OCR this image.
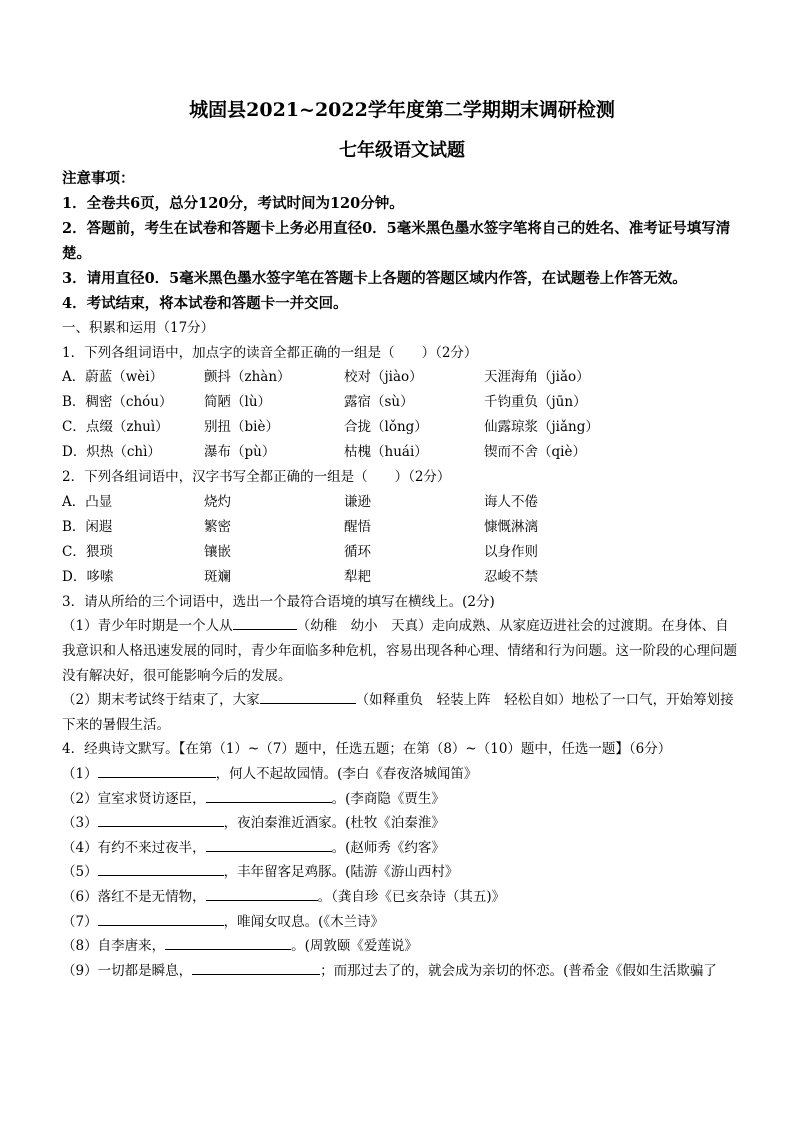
城固县2021~2022学年度第二学期期末调研检测
七年级语文试题
注意事项：
1．全卷共6页，总分120分，考试时间为120分钟。
2．答题前，考生在试卷和答题卡上务必用直径0．5毫米黑色墨水签字笔将自己的姓名、准考证号填写清楚。
3．请用直径0．5毫米黑色墨水签字笔在答题卡上各题的答题区域内作答，在试题卷上作答无效。
4．考试结束，将本试卷和答题卡一并交回。
一、积累和运用（17分）
1．下列各组词语中，加点字的读音全都正确的一组是（　　）（2分）
A．蔚蓝（wèi）	颤抖（zhàn）	校对（jiào）	天涯海角（jiǎo）
B．稠密（chóu）	简陋（lù）	露宿（sù）	千钧重负（jūn）
C．点缀（zhuì）	别扭（biè）	合拢（lǒng）	仙露琼浆（jiǎng）
D．炽热（chì）	瀑布（pù）	枯槐（huái）	锲而不舍（qiè）
2．下列各组词语中，汉字书写全都正确的一组是（　　）（2分）
A．凸显	烧灼	谦逊	诲人不倦
B．闲遐	繁密	醒悟	慷慨淋漓
C．猥琐	镶嵌	循环	以身作则
D．哆嗦	斑斓	犁耙	忍峻不禁
3．请从所给的三个词语中，选出一个最符合语境的填写在横线上。(2分)
（1）青少年时期是一个人从	（幼稚　幼小　天真）走向成熟、从家庭迈进社会的过渡期。在身体、自我意识和人格迅速发展的同时，青少年面临多种危机，容易出现各种心理、情绪和行为问题。这一阶段的心理问题没有解决好，很可能影响今后的发展。
（2）期末考试终于结束了，大家	（如释重负　轻装上阵　轻松自如）地松了一口气，开始筹划接下来的暑假生活。
4．经典诗文默写。【在第（1）~（7）题中，任选五题；在第（8）~（10）题中，任选一题】（6分）
（1）	，何人不起故园情。(李白《春夜洛城闻笛》
（2）宣室求贤访逐臣，	。(李商隐《贾生》
（3）	，夜泊秦淮近酒家。(杜牧《泊秦淮》
（4）有约不来过夜半，	。(赵师秀《约客》
（5）	，丰年留客足鸡豚。(陆游《游山西村》
（6）落红不是无情物，	。（龚自珍《已亥杂诗（其五)》
（7）	，唯闻女叹息。(《木兰诗》
（8）自李唐来，	。(周敦颐《爱莲说》
（9）一切都是瞬息，	；而那过去了的，就会成为亲切的怀恋。(普希金《假如生活欺骗了
